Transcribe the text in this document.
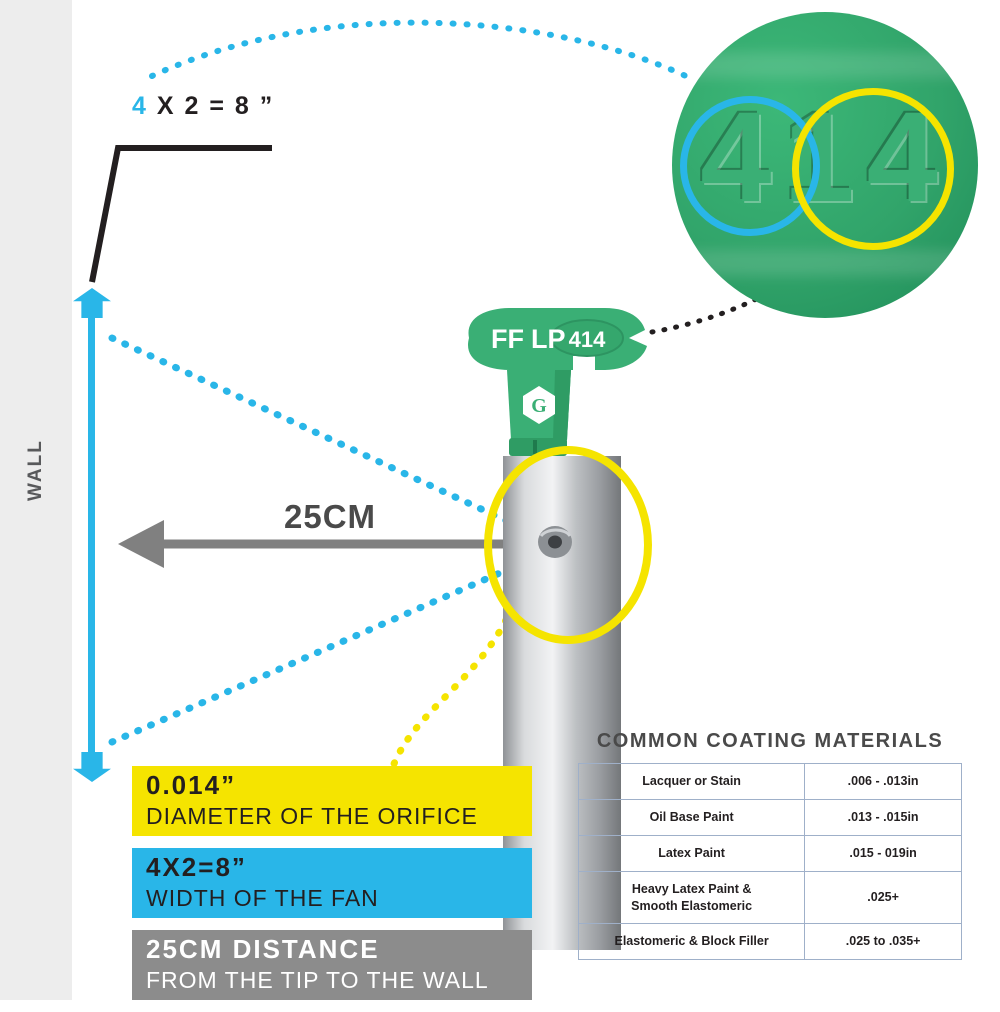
WALL
4 X 2 = 8 ”
25CM
FF LP 414
G
414
0.014”
DIAMETER OF THE ORIFICE
4X2=8”
WIDTH OF THE FAN
25CM DISTANCE
FROM THE TIP TO THE WALL
COMMON COATING MATERIALS
Lacquer or Stain	.006 - .013in
Oil Base Paint	.013 - .015in
Latex Paint	.015 - 019in
Heavy Latex Paint &
Smooth Elastomeric	.025+
Elastomeric & Block Filler	.025 to .035+
